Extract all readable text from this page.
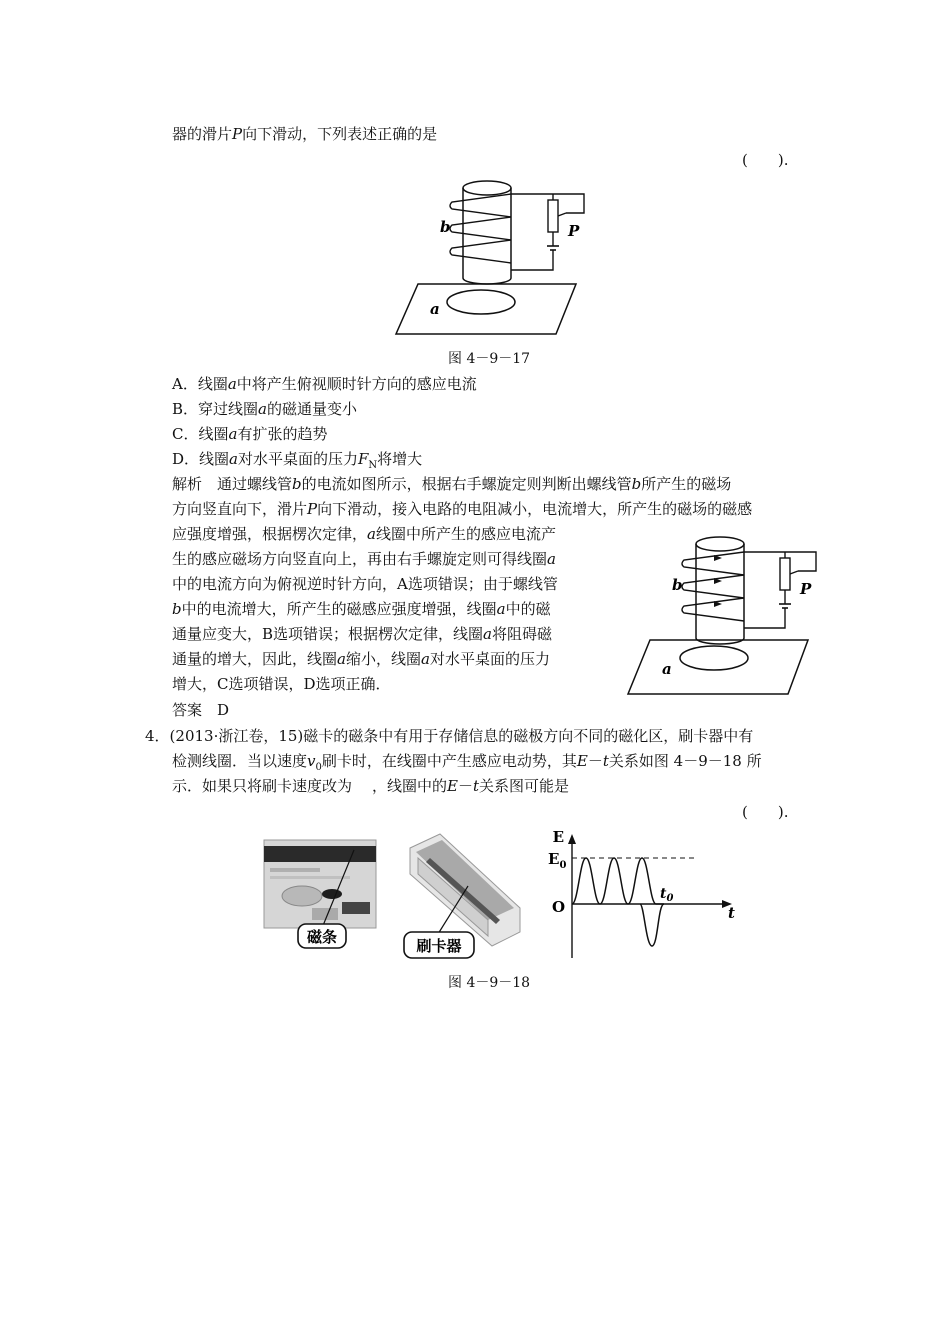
器的滑片P向下滑动，下列表述正确的是
(　　).
b	P
a
图 4－9－17
A．线圈a中将产生俯视顺时针方向的感应电流
B．穿过线圈a的磁通量变小
C．线圈a有扩张的趋势
D．线圈a对水平桌面的压力$F_N$将增大
解析　通过螺线管b的电流如图所示，根据右手螺旋定则判断出螺线管b所产生的磁场
方向竖直向下，滑片P向下滑动，接入电路的电阻减小，电流增大，所产生的磁场的磁感
应强度增强，根据楞次定律，a线圈中所产生的感应电流产
生的感应磁场方向竖直向上，再由右手螺旋定则可得线圈a
中的电流方向为俯视逆时针方向，A选项错误；由于螺线管
b中的电流增大，所产生的磁感应强度增强，线圈a中的磁
通量应变大，B选项错误；根据楞次定律，线圈a将阻碍磁
通量的增大，因此，线圈a缩小，线圈a对水平桌面的压力
增大，C选项错误，D选项正确．
答案　D
b	P
a
4．(2013·浙江卷，15)磁卡的磁条中有用于存储信息的磁极方向不同的磁化区，刷卡器中有
检测线圈．当以速度$v_0$刷卡时，在线圈中产生感应电动势，其E－t关系如图 4－9－18 所
示．如果只将刷卡速度改为 ，线圈中的E－t关系图可能是
(　　).
磁条	刷卡器
E
$E_0$
O
$t_0$
t
图 4－9－18
